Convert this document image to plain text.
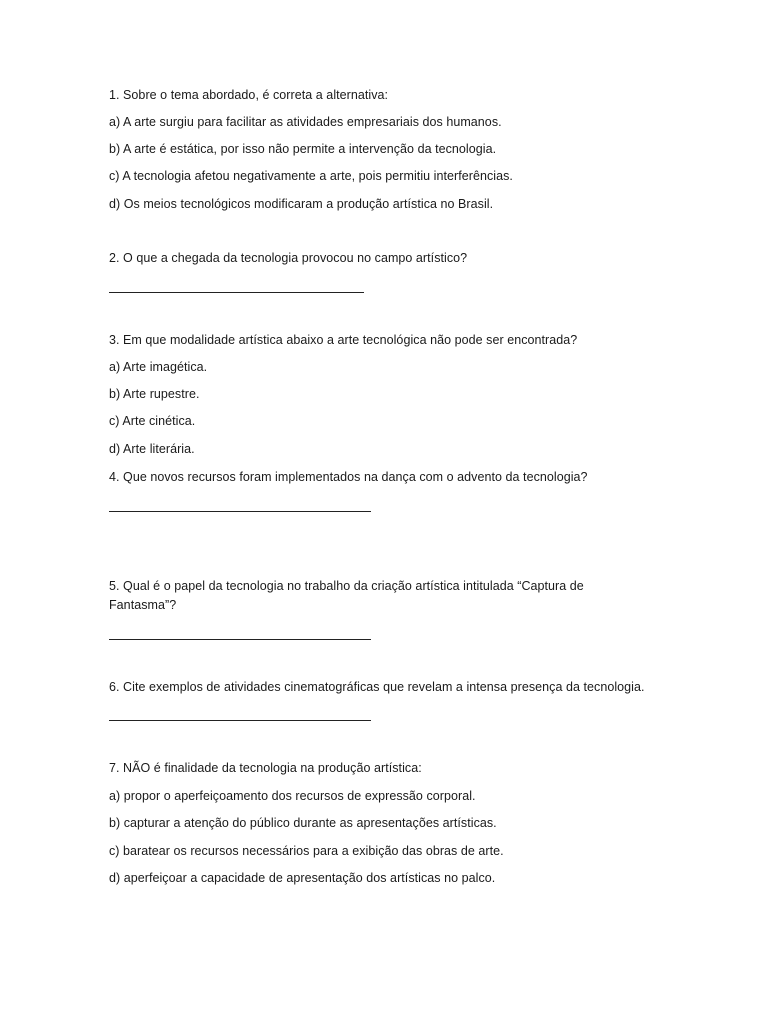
1. Sobre o tema abordado, é correta a alternativa:
a) A arte surgiu para facilitar as atividades empresariais dos humanos.
b) A arte é estática, por isso não permite a intervenção da tecnologia.
c) A tecnologia afetou negativamente a arte, pois permitiu interferências.
d) Os meios tecnológicos modificaram a produção artística no Brasil.
2. O que a chegada da tecnologia provocou no campo artístico?
3. Em que modalidade artística abaixo a arte tecnológica não pode ser encontrada?
a) Arte imagética.
b) Arte rupestre.
c) Arte cinética.
d) Arte literária.
4. Que novos recursos foram implementados na dança com o advento da tecnologia?
5. Qual é o papel da tecnologia no trabalho da criação artística intitulada “Captura de
Fantasma”?
6. Cite exemplos de atividades cinematográficas que revelam a intensa presença da tecnologia.
7. NÃO é finalidade da tecnologia na produção artística:
a) propor o aperfeiçoamento dos recursos de expressão corporal.
b) capturar a atenção do público durante as apresentações artísticas.
c) baratear os recursos necessários para a exibição das obras de arte.
d) aperfeiçoar a capacidade de apresentação dos artísticas no palco.
